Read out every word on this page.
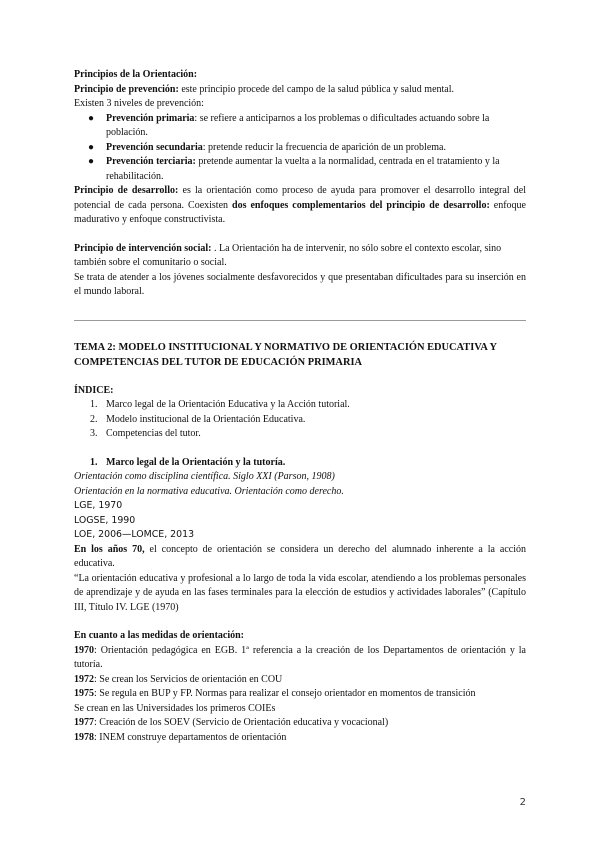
Principios de la Orientación:

Principio de prevención: este principio procede del campo de la salud pública y salud mental.

Existen 3 niveles de prevención:

● Prevención primaria: se refiere a anticiparnos a los problemas o dificultades actuando sobre la población.
● Prevención secundaria: pretende reducir la frecuencia de aparición de un problema.
● Prevención terciaria: pretende aumentar la vuelta a la normalidad, centrada en el tratamiento y la rehabilitación.

Principio de desarrollo: es la orientación como proceso de ayuda para promover el desarrollo integral del potencial de cada persona. Coexisten dos enfoques complementarios del principio de desarrollo: enfoque madurativo y enfoque constructivista.

Principio de intervención social: . La Orientación ha de intervenir, no sólo sobre el contexto escolar, sino también sobre el comunitario o social.

Se trata de atender a los jóvenes socialmente desfavorecidos y que presentaban dificultades para su inserción en el mundo laboral.

TEMA 2: MODELO INSTITUCIONAL Y NORMATIVO DE ORIENTACIÓN EDUCATIVA Y COMPETENCIAS DEL TUTOR DE EDUCACIÓN PRIMARIA

ÍNDICE:

1. Marco legal de la Orientación Educativa y la Acción tutorial.
2. Modelo institucional de la Orientación Educativa.
3. Competencias del tutor.

1. Marco legal de la Orientación y la tutoría.

Orientación como disciplina científica. Siglo XXI (Parson, 1908)

Orientación en la normativa educativa. Orientación como derecho.

LGE, 1970

LOGSE, 1990

LOE, 2006—LOMCE, 2013

En los años 70, el concepto de orientación se considera un derecho del alumnado inherente a la acción educativa.

“La orientación educativa y profesional a lo largo de toda la vida escolar, atendiendo a los problemas personales de aprendizaje y de ayuda en las fases terminales para la elección de estudios y actividades laborales” (Capítulo III, Título IV. LGE (1970)

En cuanto a las medidas de orientación:

1970: Orientación pedagógica en EGB. 1ª referencia a la creación de los Departamentos de orientación y la tutoría.

1972: Se crean los Servicios de orientación en COU

1975: Se regula en BUP y FP. Normas para realizar el consejo orientador en momentos de transición

Se crean en las Universidades los primeros COIEs

1977: Creación de los SOEV (Servicio de Orientación educativa y vocacional)

1978: INEM construye departamentos de orientación

2
